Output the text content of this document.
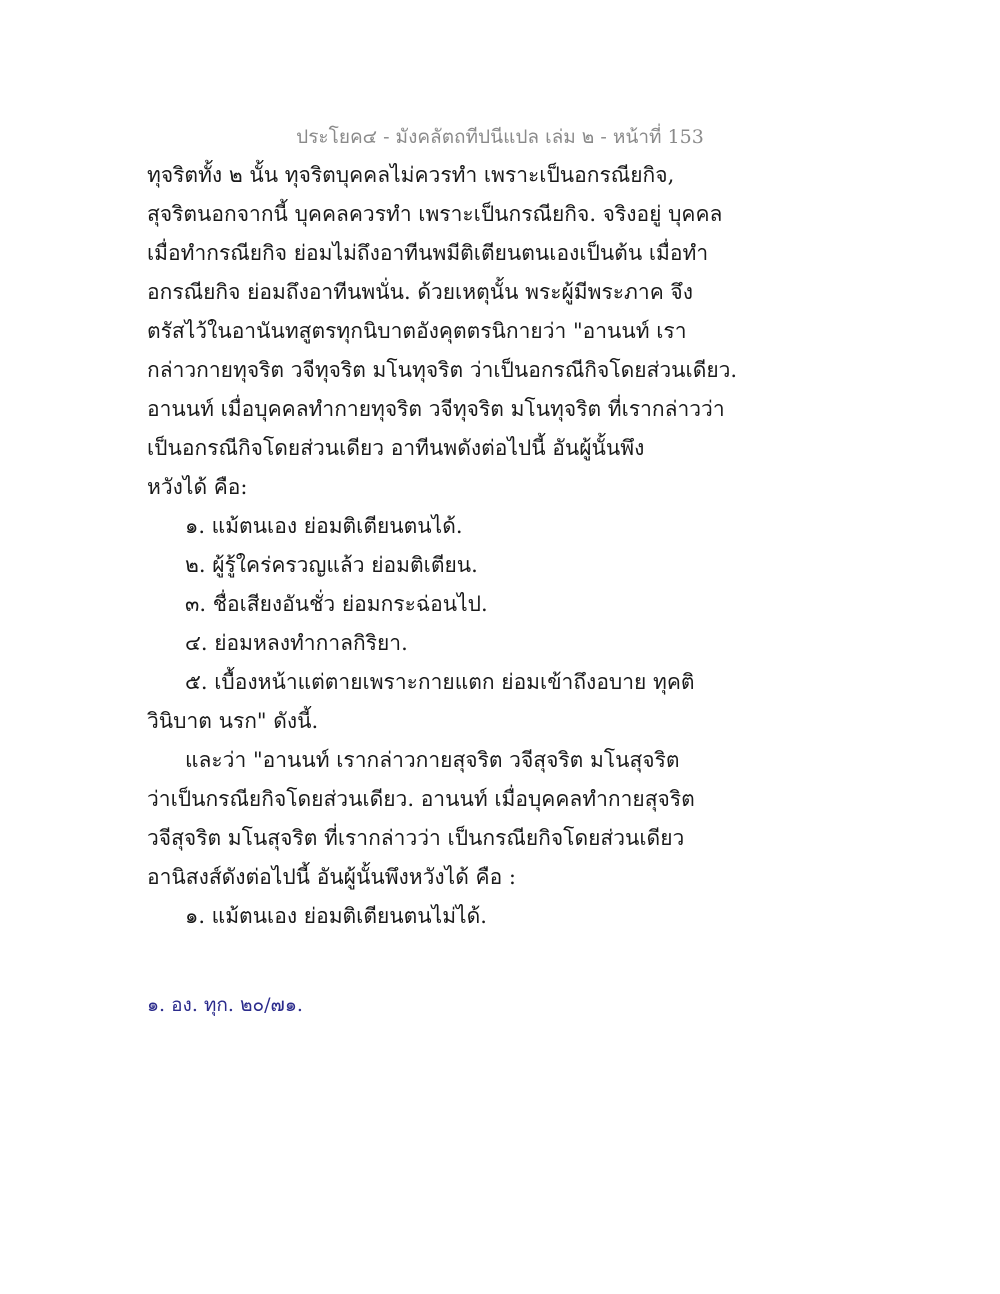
ประโยค๔ - มังคลัตถทีปนีแปล เล่ม ๒ - หน้าที่ 153
ทุจริตทั้ง ๒ นั้น ทุจริตบุคคลไม่ควรทำ เพราะเป็นอกรณียกิจ,
สุจริตนอกจากนี้ บุคคลควรทำ เพราะเป็นกรณียกิจ. จริงอยู่ บุคคล
เมื่อทำกรณียกิจ ย่อมไม่ถึงอาทีนพมีติเตียนตนเองเป็นต้น เมื่อทำ
อกรณียกิจ ย่อมถึงอาทีนพนั่น. ด้วยเหตุนั้น พระผู้มีพระภาค จึง
ตรัสไว้ในอานันทสูตรทุกนิบาตอังคุตตรนิกายว่า "อานนท์ เรา
กล่าวกายทุจริต วจีทุจริต มโนทุจริต ว่าเป็นอกรณีกิจโดยส่วนเดียว.
อานนท์ เมื่อบุคคลทำกายทุจริต วจีทุจริต มโนทุจริต ที่เรากล่าวว่า
เป็นอกรณีกิจโดยส่วนเดียว อาทีนพดังต่อไปนี้ อันผู้นั้นพึง
หวังได้ คือ:
๑. แม้ตนเอง ย่อมติเตียนตนได้.
๒. ผู้รู้ใคร่ครวญแล้ว ย่อมติเตียน.
๓. ชื่อเสียงอันชั่ว ย่อมกระฉ่อนไป.
๔. ย่อมหลงทำกาลกิริยา.
๕. เบื้องหน้าแต่ตายเพราะกายแตก ย่อมเข้าถึงอบาย ทุคติ
วินิบาต นรก" ดังนี้.
และว่า "อานนท์ เรากล่าวกายสุจริต วจีสุจริต มโนสุจริต
ว่าเป็นกรณียกิจโดยส่วนเดียว. อานนท์ เมื่อบุคคลทำกายสุจริต
วจีสุจริต มโนสุจริต ที่เรากล่าวว่า เป็นกรณียกิจโดยส่วนเดียว
อานิสงส์ดังต่อไปนี้ อันผู้นั้นพึงหวังได้ คือ :
๑. แม้ตนเอง ย่อมติเตียนตนไม่ได้.
๑. อง. ทุก. ๒๐/๗๑.
